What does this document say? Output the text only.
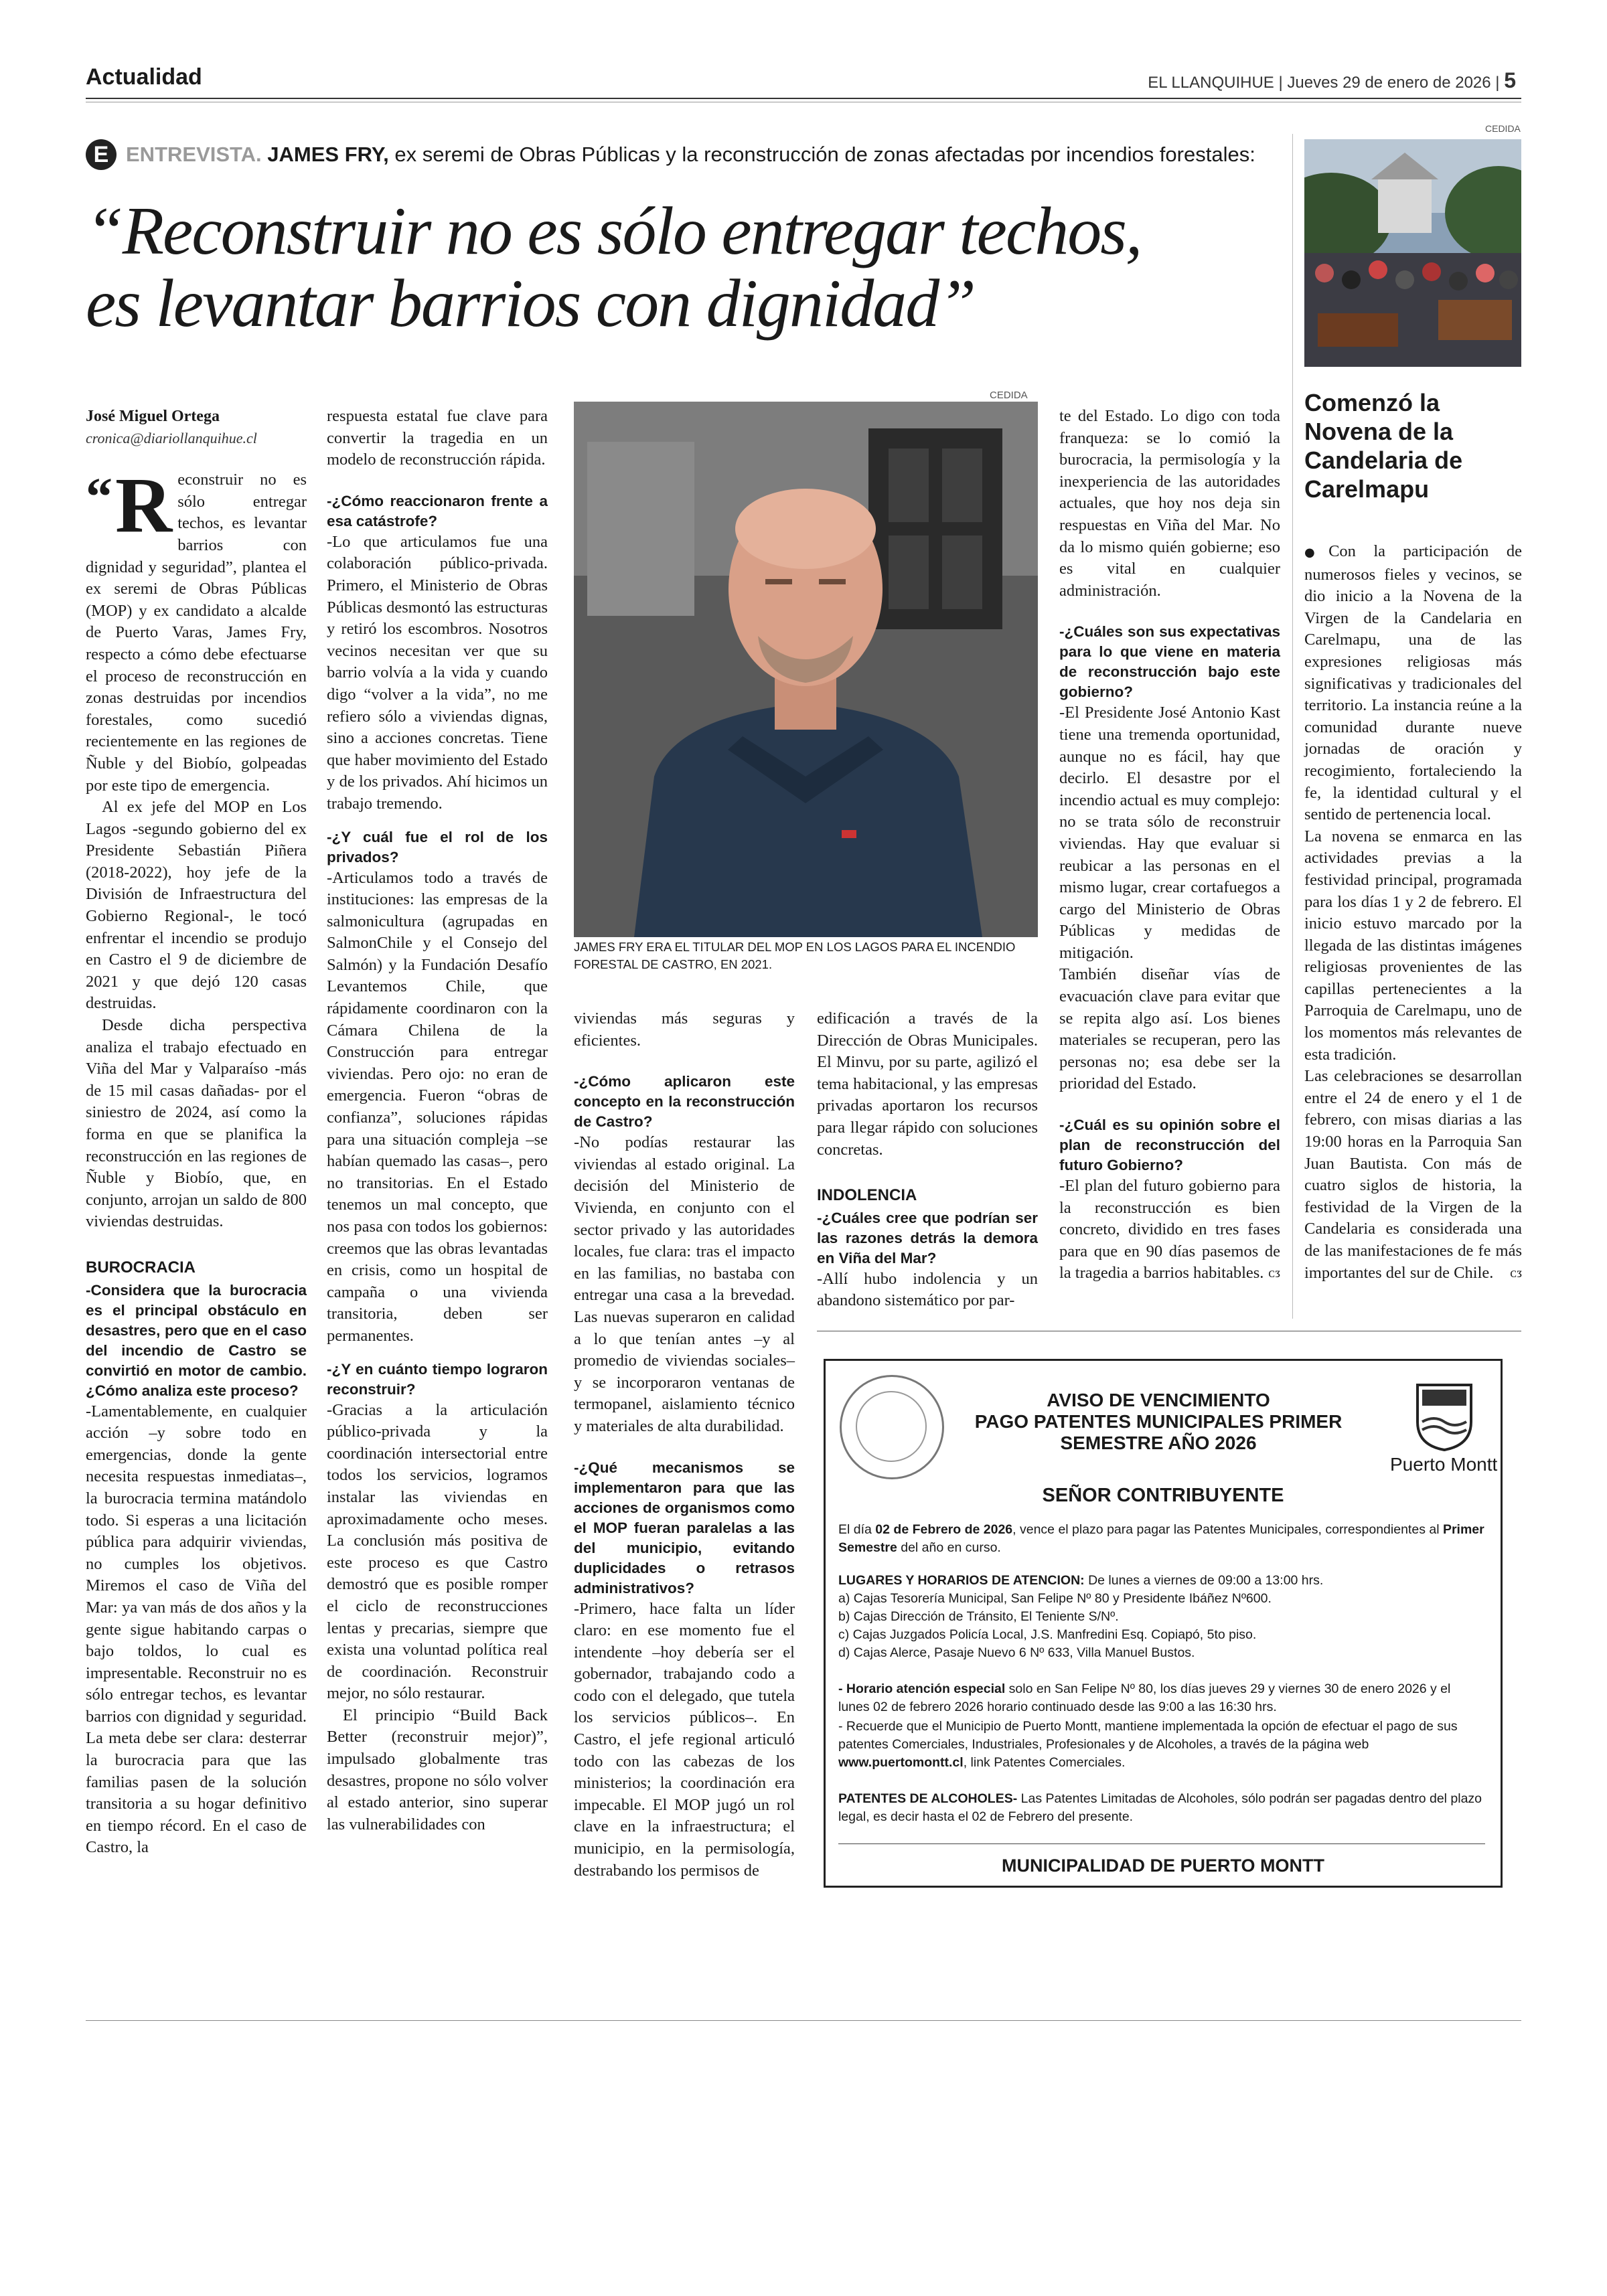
Actualidad	EL LLANQUIHUE | Jueves 29 de enero de 2026 | 5
E ENTREVISTA. JAMES FRY, ex seremi de Obras Públicas y la reconstrucción de zonas afectadas por incendios forestales:
“Reconstruir no es sólo entregar techos,
es levantar barrios con dignidad”
José Miguel Ortega
cronica@diariollanquihue.cl

“ R econstruir no es sólo entregar techos, es levantar barrios con dignidad y seguridad”, plantea el ex seremi de Obras Públicas (MOP) y ex candidato a alcalde de Puerto Varas, James Fry, respecto a cómo debe efectuarse el proceso de reconstrucción en zonas destruidas por incendios forestales, como sucedió recientemente en las regiones de Ñuble y del Biobío, golpeadas por este tipo de emergencia.

Al ex jefe del MOP en Los Lagos -segundo gobierno del ex Presidente Sebastián Piñera (2018-2022), hoy jefe de la División de Infraestructura del Gobierno Regional-, le tocó enfrentar el incendio se produjo en Castro el 9 de diciembre de 2021 y que dejó 120 casas destruidas.

Desde dicha perspectiva analiza el trabajo efectuado en Viña del Mar y Valparaíso -más de 15 mil casas dañadas- por el siniestro de 2024, así como la forma en que se planifica la reconstrucción en las regiones de Ñuble y Biobío, que, en conjunto, arrojan un saldo de 800 viviendas destruidas.

BUROCRACIA
-Considera que la burocracia es el principal obstáculo en desastres, pero que en el caso del incendio de Castro se convirtió en motor de cambio. ¿Cómo analiza este proceso?

-Lamentablemente, en cualquier acción –y sobre todo en emergencias, donde la gente necesita respuestas inmediatas–, la burocracia termina matándolo todo. Si esperas a una licitación pública para adquirir viviendas, no cumples los objetivos. Miremos el caso de Viña del Mar: ya van más de dos años y la gente sigue habitando carpas o bajo toldos, lo cual es impresentable. Reconstruir no es sólo entregar techos, es levantar barrios con dignidad y seguridad. La meta debe ser clara: desterrar la burocracia para que las familias pasen de la solución transitoria a su hogar definitivo en tiempo récord. En el caso de Castro, la

respuesta estatal fue clave para convertir la tragedia en un modelo de reconstrucción rápida.

-¿Cómo reaccionaron frente a esa catástrofe?

-Lo que articulamos fue una colaboración público-privada. Primero, el Ministerio de Obras Públicas desmontó las estructuras y retiró los escombros. Nosotros vecinos necesitan ver que su barrio volvía a la vida y cuando digo “volver a la vida”, no me refiero sólo a viviendas dignas, sino a acciones concretas. Tiene que haber movimiento del Estado y de los privados. Ahí hicimos un trabajo tremendo.

-¿Y cuál fue el rol de los privados?

-Articulamos todo a través de instituciones: las empresas de la salmonicultura (agrupadas en SalmonChile y el Consejo del Salmón) y la Fundación Desafío Levantemos Chile, que rápidamente coordinaron con la Cámara Chilena de la Construcción para entregar viviendas. Pero ojo: no eran de emergencia. Fueron “obras de confianza”, soluciones rápidas para una situación compleja –se habían quemado las casas–, pero no transitorias. En el Estado tenemos un mal concepto, que nos pasa con todos los gobiernos: creemos que las obras levantadas en crisis, como un hospital de campaña o una vivienda transitoria, deben ser permanentes.

-¿Y en cuánto tiempo lograron reconstruir?

-Gracias a la articulación público-privada y la coordinación intersectorial entre todos los servicios, logramos instalar las viviendas en aproximadamente ocho meses. La conclusión más positiva de este proceso es que Castro demostró que es posible romper el ciclo de reconstrucciones lentas y precarias, siempre que exista una voluntad política real de coordinación. Reconstruir mejor, no sólo restaurar.

El principio “Build Back Better (reconstruir mejor)”, impulsado globalmente tras desastres, propone no sólo volver al estado anterior, sino superar las vulnerabilidades con

CEDIDA
JAMES FRY ERA EL TITULAR DEL MOP EN LOS LAGOS PARA EL INCENDIO FORESTAL DE CASTRO, EN 2021.

viviendas más seguras y eficientes.

-¿Cómo aplicaron este concepto en la reconstrucción de Castro?

-No podías restaurar las viviendas al estado original. La decisión del Ministerio de Vivienda, en conjunto con el sector privado y las autoridades locales, fue clara: tras el impacto en las familias, no bastaba con entregar una casa a la brevedad. Las nuevas superaron en calidad a lo que tenían antes –y al promedio de viviendas sociales– y se incorporaron ventanas de termopanel, aislamiento técnico y materiales de alta durabilidad.

-¿Qué mecanismos se implementaron para que las acciones de organismos como el MOP fueran paralelas a las del municipio, evitando duplicidades o retrasos administrativos?

-Primero, hace falta un líder claro: en ese momento fue el intendente –hoy debería ser el gobernador, trabajando codo a codo con el delegado, que tutela los servicios públicos–. En Castro, el jefe regional articuló todo con las cabezas de los ministerios; la coordinación era impecable. El MOP jugó un rol clave en la infraestructura; el municipio, en la permisología, destrabando los permisos de

edificación a través de la Dirección de Obras Municipales. El Minvu, por su parte, agilizó el tema habitacional, y las empresas privadas aportaron los recursos para llegar rápido con soluciones concretas.

INDOLENCIA
-¿Cuáles cree que podrían ser las razones detrás la demora en Viña del Mar?

-Allí hubo indolencia y un abandono sistemático por par-

te del Estado. Lo digo con toda franqueza: se lo comió la burocracia, la permisología y la inexperiencia de las autoridades actuales, que hoy nos deja sin respuestas en Viña del Mar. No da lo mismo quién gobierne; eso es vital en cualquier administración.

-¿Cuáles son sus expectativas para lo que viene en materia de reconstrucción bajo este gobierno?

-El Presidente José Antonio Kast tiene una tremenda oportunidad, aunque no es fácil, hay que decirlo. El desastre por el incendio actual es muy complejo: no se trata sólo de reconstruir viviendas. Hay que evaluar si reubicar a las personas en el mismo lugar, crear cortafuegos a cargo del Ministerio de Obras Públicas y medidas de mitigación.

También diseñar vías de evacuación clave para evitar que se repita algo así. Los bienes materiales se recuperan, pero las personas no; esa debe ser la prioridad del Estado.

-¿Cuál es su opinión sobre el plan de reconstrucción del futuro Gobierno?

-El plan del futuro gobierno para la reconstrucción es bien concreto, dividido en tres fases para que en 90 días pasemos de la tragedia a barrios habitables. ᴄᴣ

CEDIDA
Comenzó la Novena de la Candelaria de Carelmapu

●Con la participación de numerosos fieles y vecinos, se dio inicio a la Novena de la Virgen de la Candelaria en Carelmapu, una de las expresiones religiosas más significativas y tradicionales del territorio. La instancia reúne a la comunidad durante nueve jornadas de oración y recogimiento, fortaleciendo la fe, la identidad cultural y el sentido de pertenencia local.

La novena se enmarca en las actividades previas a la festividad principal, programada para los días 1 y 2 de febrero. El inicio estuvo marcado por la llegada de las distintas imágenes religiosas provenientes de las capillas pertenecientes a la Parroquia de Carelmapu, uno de los momentos más relevantes de esta tradición.

Las celebraciones se desarrollan entre el 24 de enero y el 1 de febrero, con misas diarias a las 19:00 horas en la Parroquia San Juan Bautista. Con más de cuatro siglos de historia, la festividad de la Virgen de la Candelaria es considerada una de las manifestaciones de fe más importantes del sur de Chile. ᴄᴣ

Puerto Montt
AVISO DE VENCIMIENTO
PAGO PATENTES MUNICIPALES PRIMER
SEMESTRE AÑO 2026
SEÑOR CONTRIBUYENTE
El día 02 de Febrero de 2026, vence el plazo para pagar las Patentes Municipales, correspondientes al Primer Semestre del año en curso.
LUGARES Y HORARIOS DE ATENCION: De lunes a viernes de 09:00 a 13:00 hrs.
a) Cajas Tesorería Municipal, San Felipe Nº 80 y Presidente Ibáñez Nº600.
b) Cajas Dirección de Tránsito, El Teniente S/Nº.
c) Cajas Juzgados Policía Local, J.S. Manfredini Esq. Copiapó, 5to piso.
d) Cajas Alerce, Pasaje Nuevo 6 Nº 633, Villa Manuel Bustos.
- Horario atención especial solo en San Felipe Nº 80, los días jueves 29 y viernes 30 de enero 2026 y el lunes 02 de febrero 2026 horario continuado desde las 9:00 a las 16:30 hrs.
- Recuerde que el Municipio de Puerto Montt, mantiene implementada la opción de efectuar el pago de sus patentes Comerciales, Industriales, Profesionales y de Alcoholes, a través de la página web www.puertomontt.cl, link Patentes Comerciales.
PATENTES DE ALCOHOLES- Las Patentes Limitadas de Alcoholes, sólo podrán ser pagadas dentro del plazo legal, es decir hasta el 02 de Febrero del presente.
MUNICIPALIDAD DE PUERTO MONTT
